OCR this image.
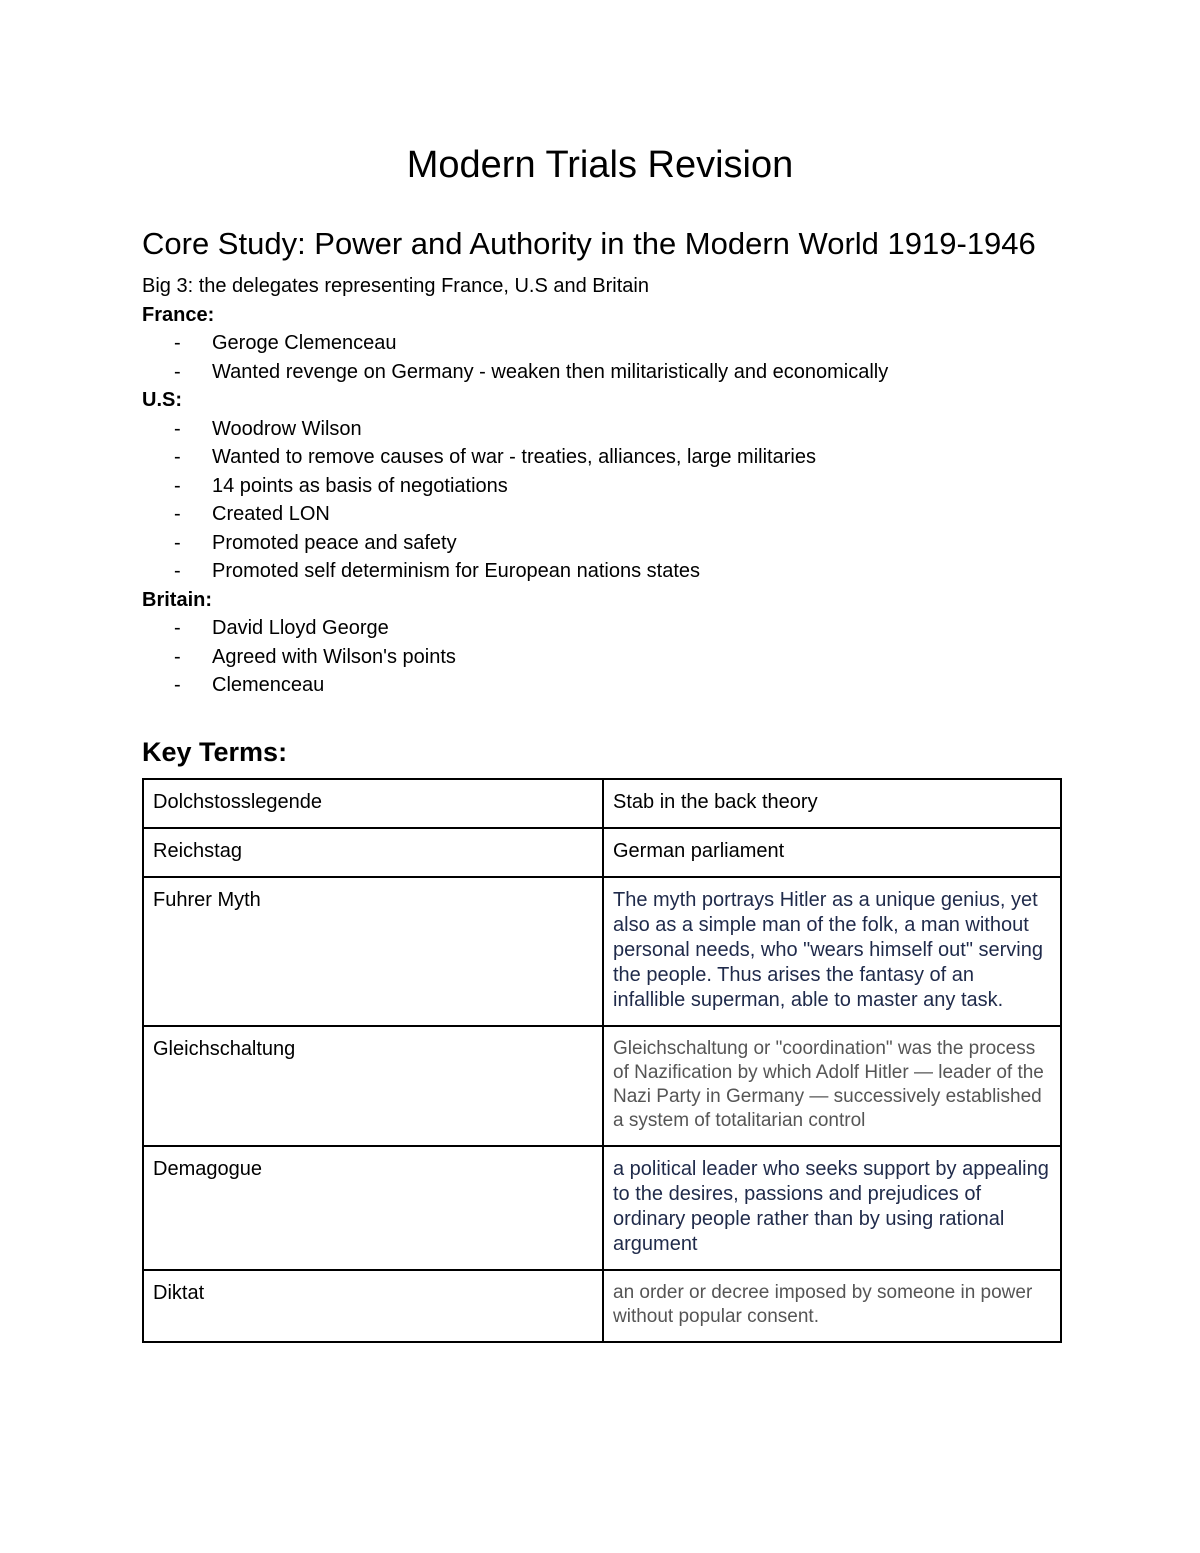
Modern Trials Revision
Core Study: Power and Authority in the Modern World 1919-1946

Big 3: the delegates representing France, U.S and Britain

France:

- Geroge Clemenceau
- Wanted revenge on Germany - weaken then militaristically and economically

U.S:

- Woodrow Wilson
- Wanted to remove causes of war - treaties, alliances, large militaries
- 14 points as basis of negotiations
- Created LON
- Promoted peace and safety
- Promoted self determinism for European nations states

Britain:

- David Lloyd George
- Agreed with Wilson's points
- Clemenceau
Key Terms:
Dolchstosslegende	Stab in the back theory
Reichstag	German parliament
Fuhrer Myth	The myth portrays Hitler as a unique genius, yet also as a simple man of the folk, a man without personal needs, who "wears himself out" serving the people. Thus arises the fantasy of an infallible superman, able to master any task.
Gleichschaltung	Gleichschaltung or "coordination" was the process of Nazification by which Adolf Hitler — leader of the Nazi Party in Germany — successively established a system of totalitarian control
Demagogue	a political leader who seeks support by appealing to the desires, passions and prejudices of ordinary people rather than by using rational argument
Diktat	an order or decree imposed by someone in power without popular consent.
